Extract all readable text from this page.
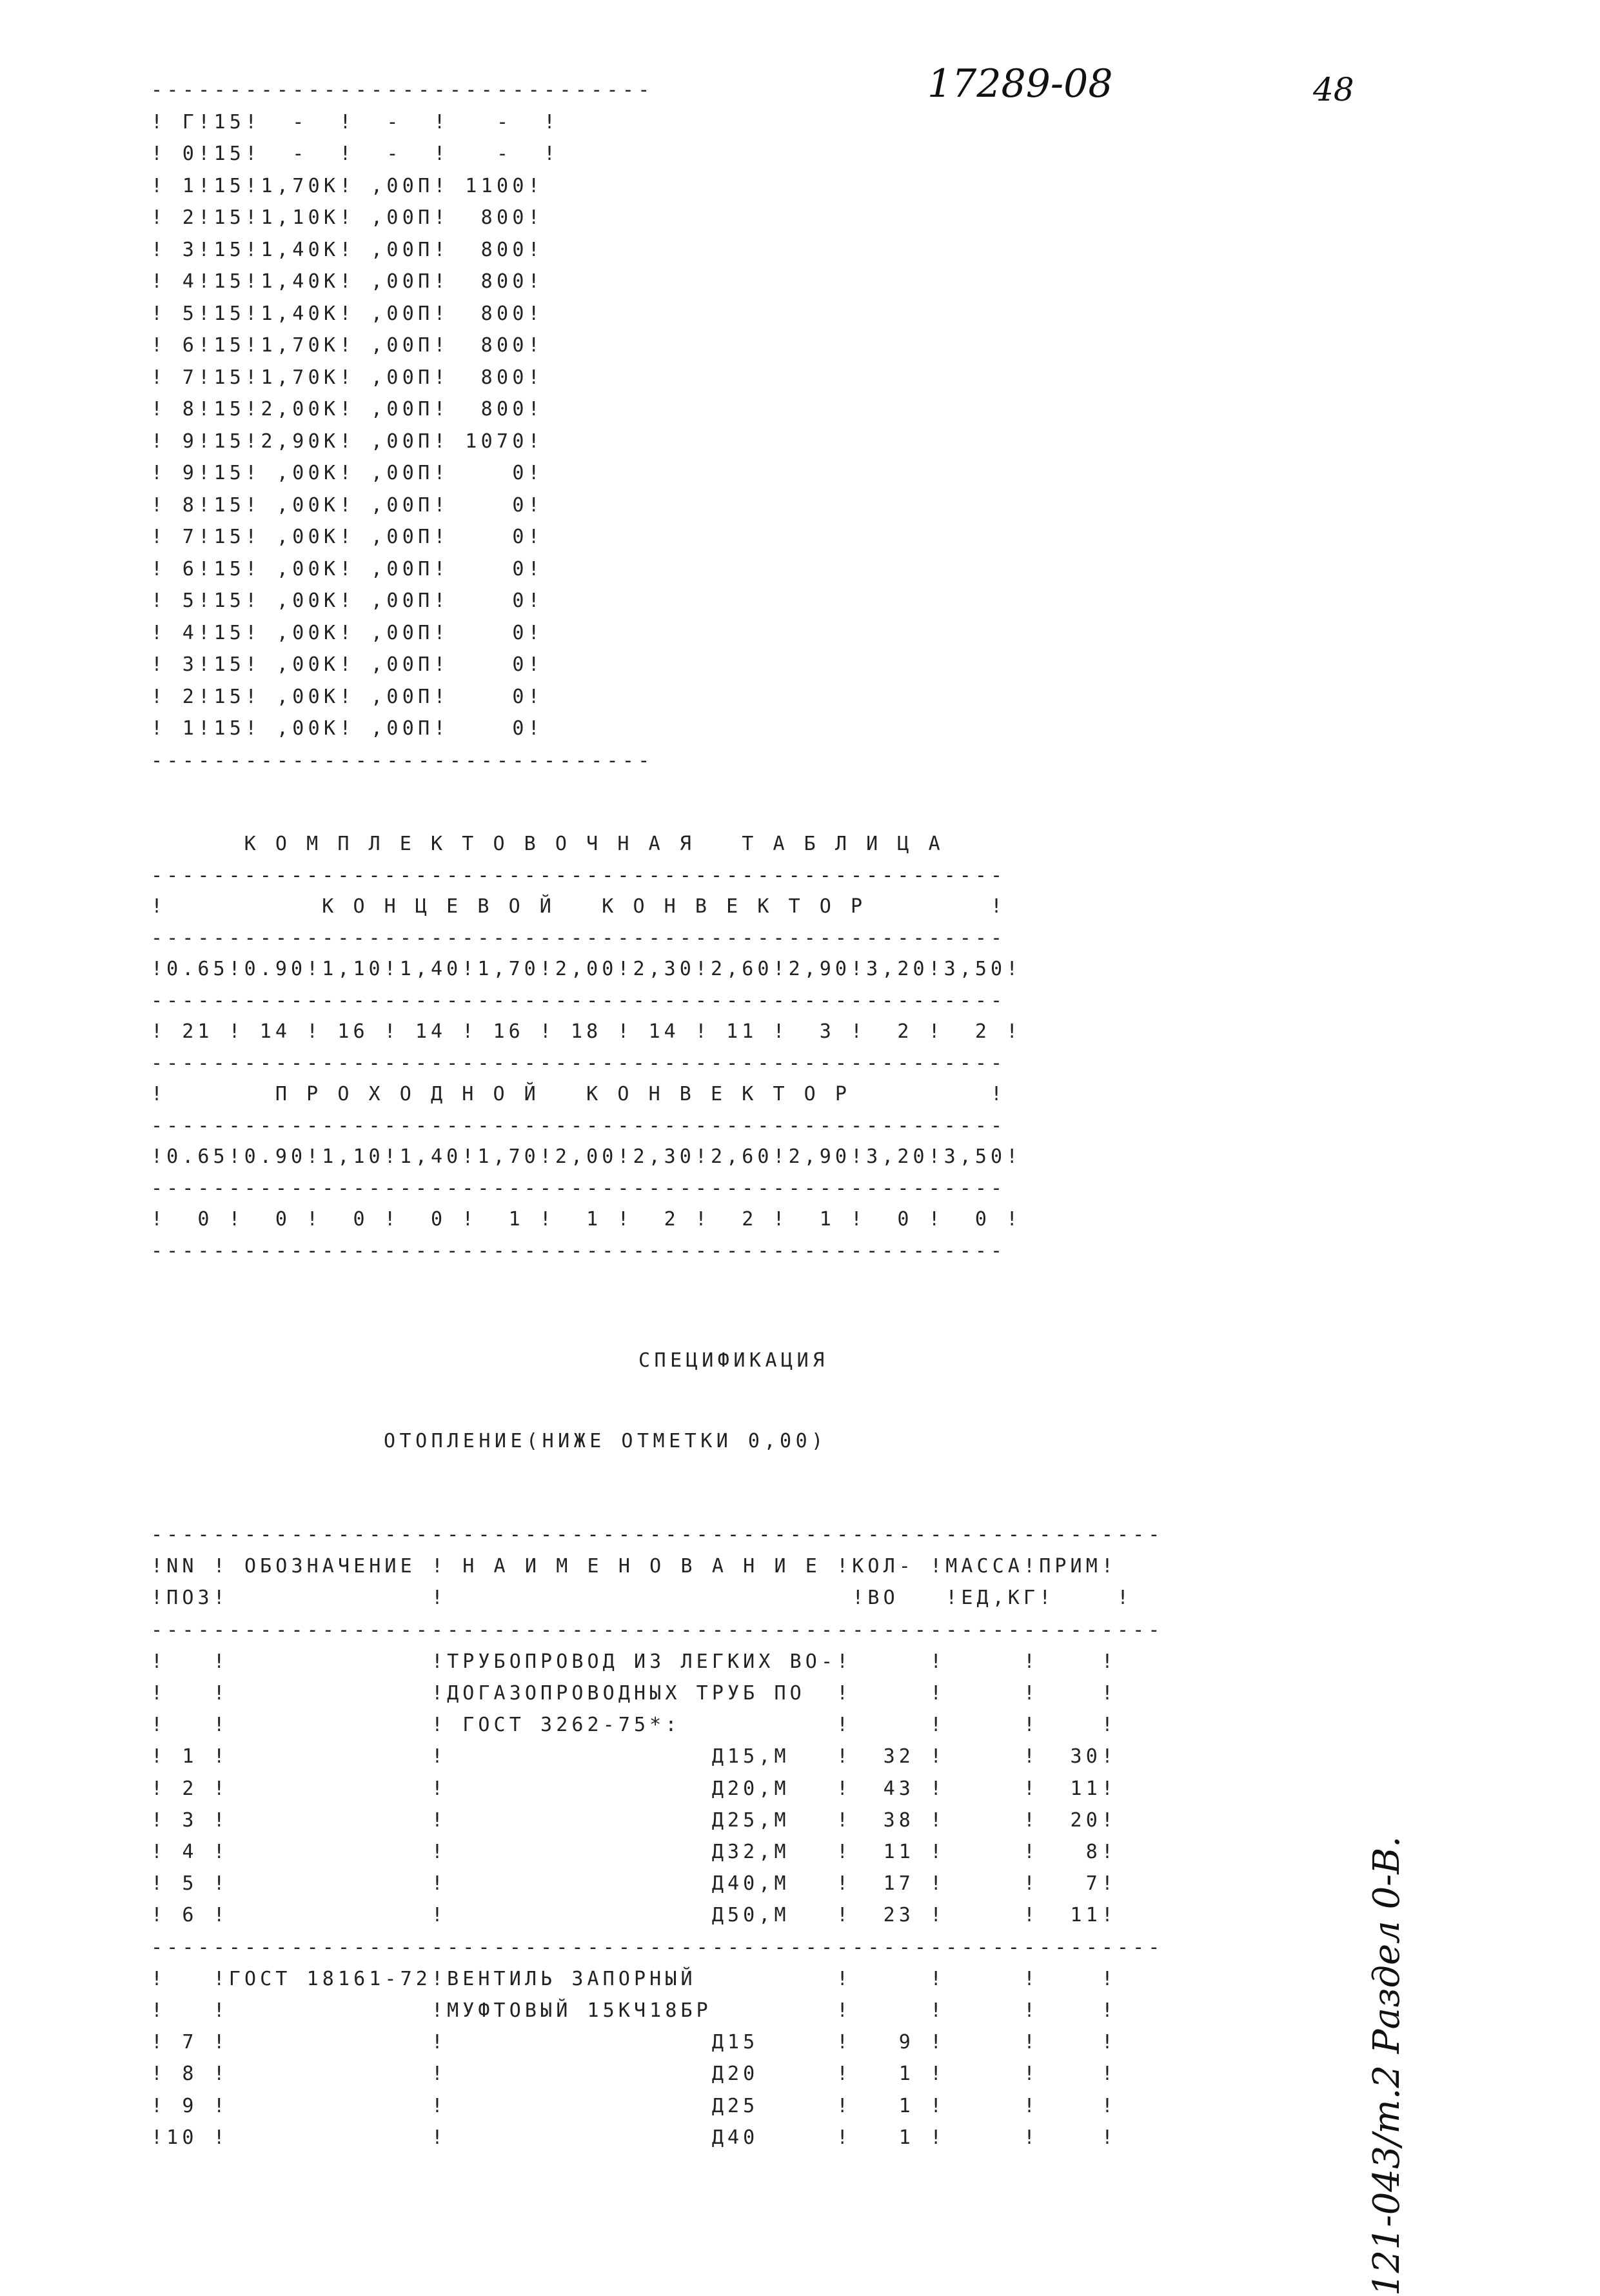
17289-08	48
121-043/т.2 Раздел 0-В.
--------------------------------
! Г!15!  -  !  -  !   -  !
! 0!15!  -  !  -  !   -  !
! 1!15!1,70К! ,00П! 1100!
! 2!15!1,10К! ,00П!  800!
! 3!15!1,40К! ,00П!  800!
! 4!15!1,40К! ,00П!  800!
! 5!15!1,40К! ,00П!  800!
! 6!15!1,70К! ,00П!  800!
! 7!15!1,70К! ,00П!  800!
! 8!15!2,00К! ,00П!  800!
! 9!15!2,90К! ,00П! 1070!
! 9!15! ,00К! ,00П!    0!
! 8!15! ,00К! ,00П!    0!
! 7!15! ,00К! ,00П!    0!
! 6!15! ,00К! ,00П!    0!
! 5!15! ,00К! ,00П!    0!
! 4!15! ,00К! ,00П!    0!
! 3!15! ,00К! ,00П!    0!
! 2!15! ,00К! ,00П!    0!
! 1!15! ,00К! ,00П!    0!
--------------------------------
К О М П Л Е К Т О В О Ч Н А Я   Т А Б Л И Ц А
-------------------------------------------------------
!          К О Н Ц Е В О Й   К О Н В Е К Т О Р        !
-------------------------------------------------------
!0.65!0.90!1,10!1,40!1,70!2,00!2,30!2,60!2,90!3,20!3,50!
-------------------------------------------------------
! 21 ! 14 ! 16 ! 14 ! 16 ! 18 ! 14 ! 11 !  3 !  2 !  2 !
-------------------------------------------------------
!       П Р О Х О Д Н О Й   К О Н В Е К Т О Р         !
-------------------------------------------------------
!0.65!0.90!1,10!1,40!1,70!2,00!2,30!2,60!2,90!3,20!3,50!
-------------------------------------------------------
!  0 !  0 !  0 !  0 !  1 !  1 !  2 !  2 !  1 !  0 !  0 !
-------------------------------------------------------
СПЕЦИФИКАЦИЯ
ОТОПЛЕНИЕ(НИЖЕ ОТМЕТКИ 0,00)
-----------------------------------------------------------------
!NN ! ОБОЗНАЧЕНИЕ ! Н А И М Е Н О В А Н И Е !КОЛ- !МАССА!ПРИМ!
!ПОЗ!             !                          !ВО   !ЕД,КГ!    !
-----------------------------------------------------------------
!   !             !ТРУБОПРОВОД ИЗ ЛЕГКИХ ВО-!     !     !    !
!   !             !ДОГАЗОПРОВОДНЫХ ТРУБ ПО  !     !     !    !
!   !             ! ГОСТ 3262-75*:          !     !     !    !
! 1 !             !                 Д15,М   !  32 !     !  30!
! 2 !             !                 Д20,М   !  43 !     !  11!
! 3 !             !                 Д25,М   !  38 !     !  20!
! 4 !             !                 Д32,М   !  11 !     !   8!
! 5 !             !                 Д40,М   !  17 !     !   7!
! 6 !             !                 Д50,М   !  23 !     !  11!
-----------------------------------------------------------------
!   !ГОСТ 18161-72!ВЕНТИЛЬ ЗАПОРНЫЙ         !     !     !    !
!   !             !МУФТОВЫЙ 15КЧ18БР        !     !     !    !
! 7 !             !                 Д15     !   9 !     !    !
! 8 !             !                 Д20     !   1 !     !    !
! 9 !             !                 Д25     !   1 !     !    !
!10 !             !                 Д40     !   1 !     !    !
